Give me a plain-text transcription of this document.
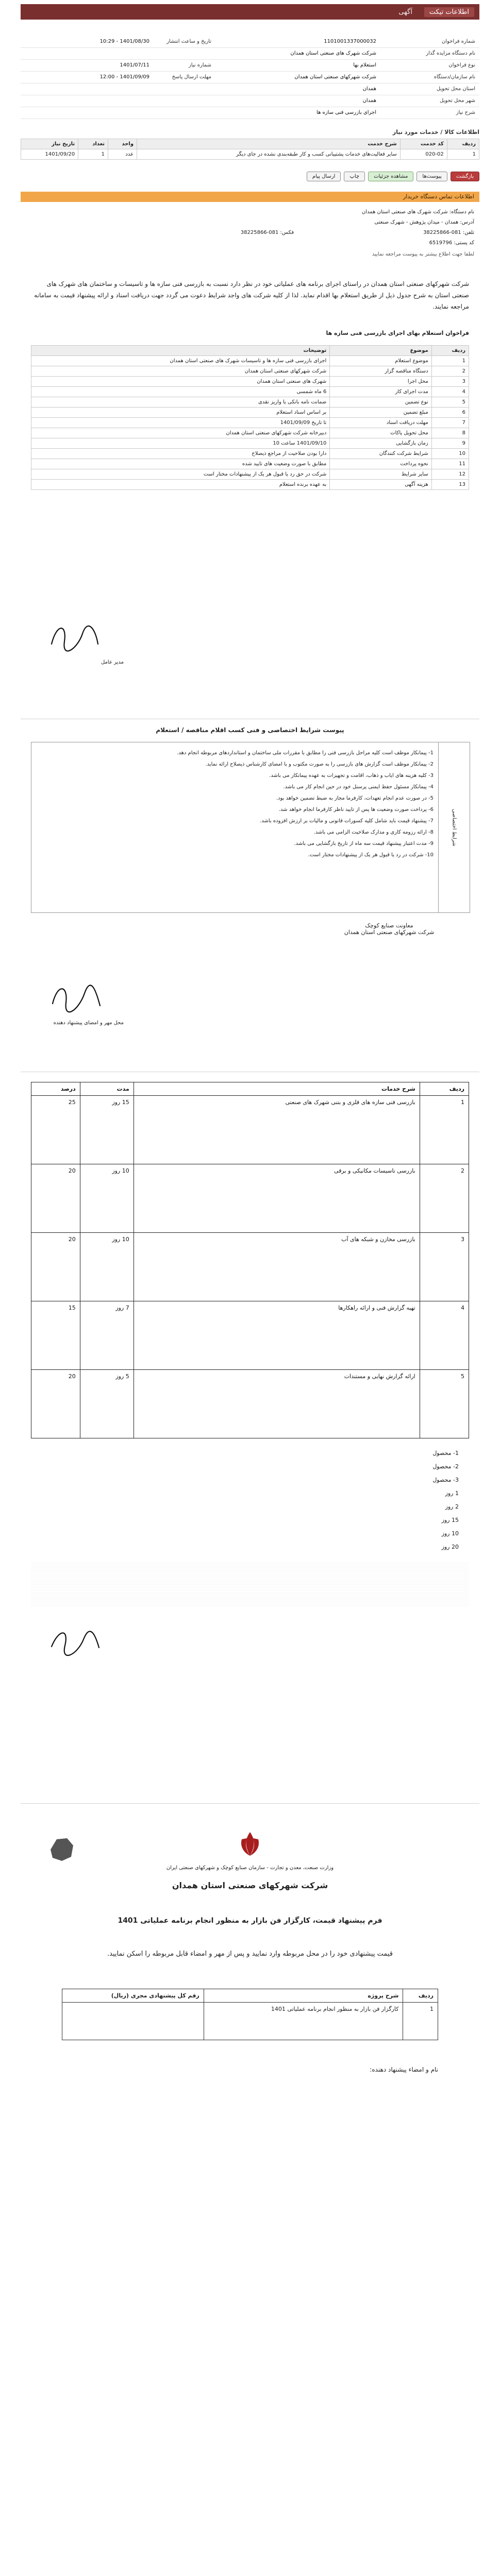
اطلاعات تیکت
آگهی
شماره فراخوان
1101001337000032
تاریخ و ساعت انتشار
1401/08/30 - 10:29
نام دستگاه مزایده گذار
شرکت شهرک های صنعتی استان همدان
نوع فراخوان
استعلام بها
شماره نیاز
1401/07/11
نام سازمان/دستگاه
شرکت شهرکهای صنعتی استان همدان
مهلت ارسال پاسخ
1401/09/09 - 12:00
استان محل تحویل
همدان
شهر محل تحویل
همدان
شرح نیاز
اجرای بازرسی فنی سازه ها
اطلاعات کالا / خدمات مورد نیاز
ردیف	کد خدمت	شرح خدمت	واحد	تعداد	تاریخ نیاز
1	020-02	سایر فعالیت‌های خدمات پشتیبانی کسب و کار طبقه‌بندی نشده در جای دیگر	عدد	1	1401/09/20
بازگشتپیوست‌هامشاهده جزئیاتچاپارسال پیام
اطلاعات تماس دستگاه خریدار
نام دستگاه: شرکت شهرک های صنعتی استان همدان
آدرس: همدان - میدان پژوهش - شهرک صنعتی
تلفن: 081-38225866
فکس: 081-38225866
کد پستی: 6519796
لطفا جهت اطلاع بیشتر به پیوست مراجعه نمایید
شرکت شهرکهای صنعتی استان همدان در راستای اجرای برنامه های عملیاتی خود در نظر دارد نسبت به بازرسی فنی سازه ها و تاسیسات و ساختمان های شهرک های صنعتی استان به شرح جدول ذیل از طریق استعلام بها اقدام نماید. لذا از کلیه شرکت های واجد شرایط دعوت می گردد جهت دریافت اسناد و ارائه پیشنهاد قیمت به سامانه مراجعه نمایند.
فراخوان استعلام بهای اجرای بازرسی فنی سازه ها
ردیف	موضوع	توضیحات
1	موضوع استعلام	اجرای بازرسی فنی سازه ها و تاسیسات شهرک های صنعتی استان همدان
2	دستگاه مناقصه گزار	شرکت شهرکهای صنعتی استان همدان
3	محل اجرا	شهرک های صنعتی استان همدان
4	مدت اجرای کار	6 ماه شمسی
5	نوع تضمین	ضمانت نامه بانکی یا واریز نقدی
6	مبلغ تضمین	بر اساس اسناد استعلام
7	مهلت دریافت اسناد	تا تاریخ 1401/09/09
8	محل تحویل پاکات	دبیرخانه شرکت شهرکهای صنعتی استان همدان
9	زمان بازگشایی	1401/09/10 ساعت 10
10	شرایط شرکت کنندگان	دارا بودن صلاحیت از مراجع ذیصلاح
11	نحوه پرداخت	مطابق با صورت وضعیت های تایید شده
12	سایر شرایط	شرکت در حق رد یا قبول هر یک از پیشنهادات مختار است
13	هزینه آگهی	به عهده برنده استعلام
مدیر عامل
پیوست شرایط اختصاصی و فنی کسب اقلام مناقصه / استعلام
شرایط اختصاصی
1- پیمانکار موظف است کلیه مراحل بازرسی فنی را مطابق با مقررات ملی ساختمان و استانداردهای مربوطه انجام دهد.
2- پیمانکار موظف است گزارش های بازرسی را به صورت مکتوب و با امضای کارشناس ذیصلاح ارائه نماید.
3- کلیه هزینه های ایاب و ذهاب، اقامت و تجهیزات به عهده پیمانکار می باشد.
4- پیمانکار مسئول حفظ ایمنی پرسنل خود در حین انجام کار می باشد.
5- در صورت عدم انجام تعهدات، کارفرما مجاز به ضبط تضمین خواهد بود.
6- پرداخت صورت وضعیت ها پس از تایید ناظر کارفرما انجام خواهد شد.
7- پیشنهاد قیمت باید شامل کلیه کسورات قانونی و مالیات بر ارزش افزوده باشد.
8- ارائه رزومه کاری و مدارک صلاحیت الزامی می باشد.
9- مدت اعتبار پیشنهاد قیمت سه ماه از تاریخ بازگشایی می باشد.
10- شرکت در رد یا قبول هر یک از پیشنهادات مختار است.
معاونت صنایع کوچک
شرکت شهرکهای صنعتی استان همدان
محل مهر و امضای پیشنهاد دهنده
ردیف	شرح خدمات	مدت	درصد
1	بازرسی فنی سازه های فلزی و بتنی شهرک های صنعتی	15 روز	25
2	بازرسی تاسیسات مکانیکی و برقی	10 روز	20
3	بازرسی مخازن و شبکه های آب	10 روز	20
4	تهیه گزارش فنی و ارائه راهکارها	7 روز	15
5	ارائه گزارش نهایی و مستندات	5 روز	20
1- محصول
2- محصول
3- محصول
1 روز
2 روز
15 روز
10 روز
20 روز
وزارت صنعت، معدن و تجارت - سازمان صنایع کوچک و شهرکهای صنعتی ایران
شرکت شهرکهای صنعتی استان همدان
فرم پیشنهاد قیمت، کارگزار فن بازار به منظور انجام برنامه عملیاتی 1401
قیمت پیشنهادی خود را در محل مربوطه وارد نمایید و پس از مهر و امضاء قابل مربوطه را اسکن نمایید.
ردیف	شرح پروژه	رقم کل پیشنهادی مجری (ریال)
1	کارگزار فن بازار به منظور انجام برنامه عملیاتی 1401	
نام و امضاء پیشنهاد دهنده:
